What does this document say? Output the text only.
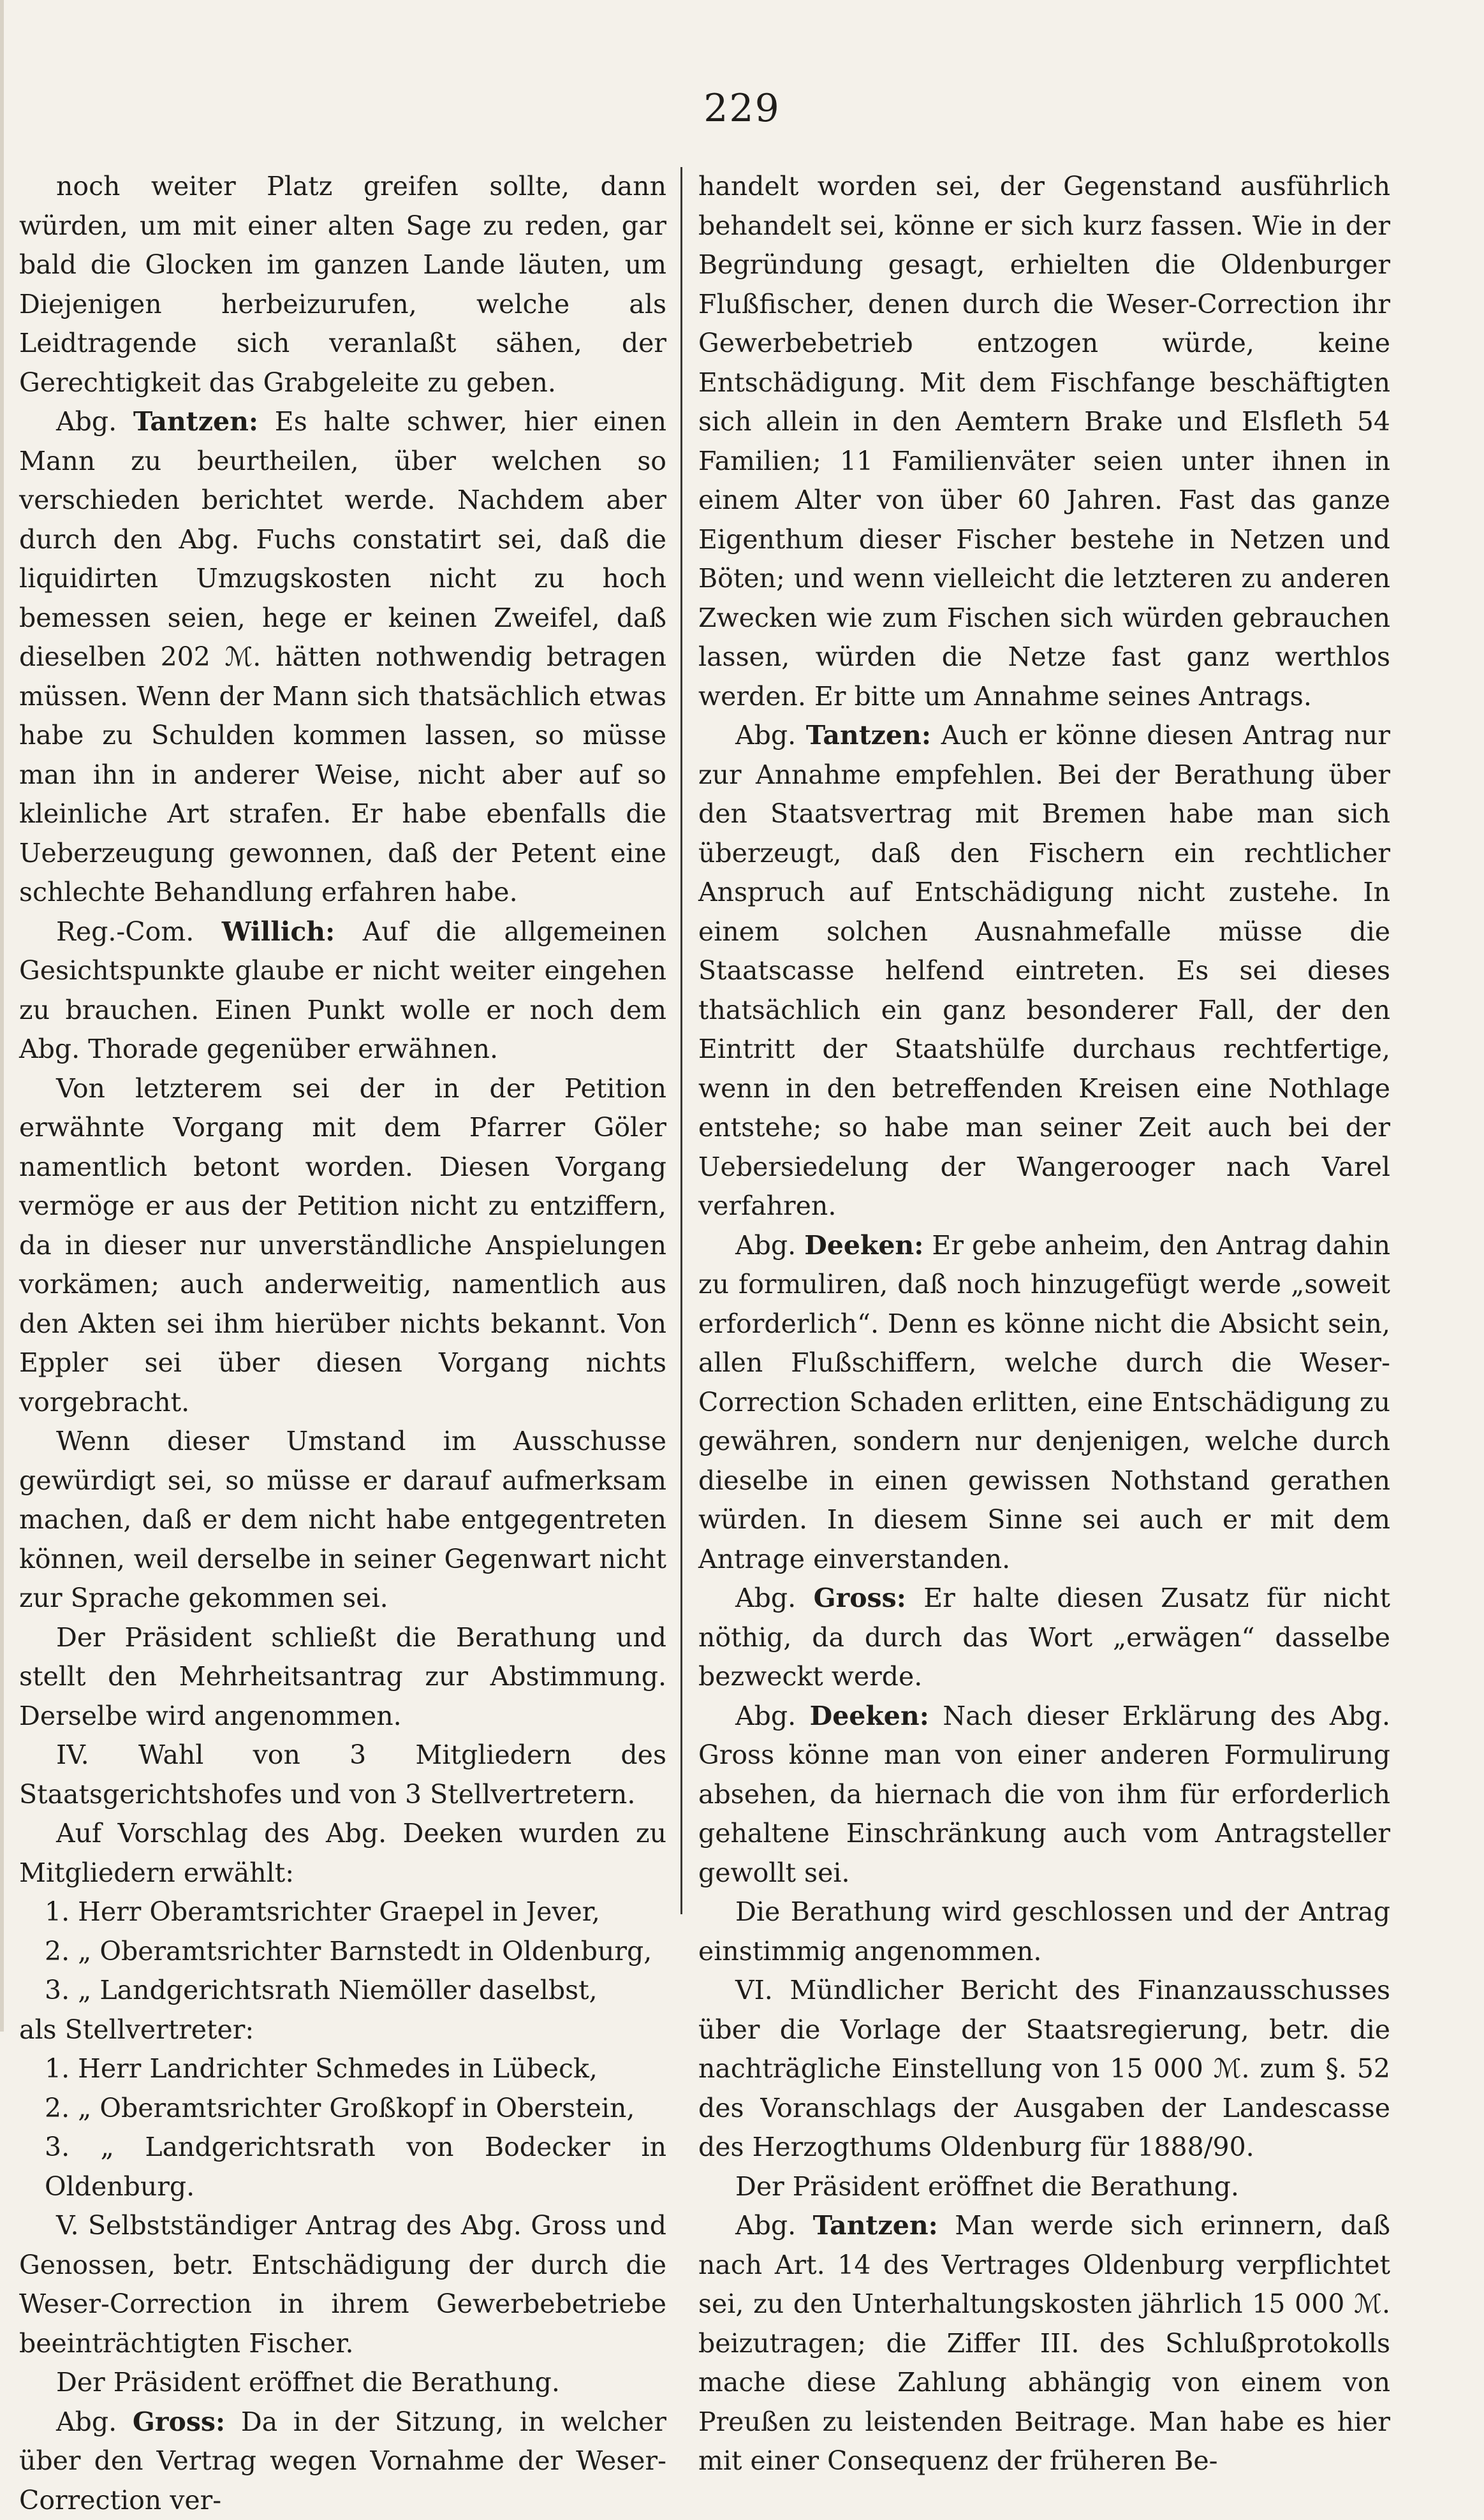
229

noch weiter Platz greifen sollte, dann würden, um mit einer alten Sage zu reden, gar bald die Glocken im ganzen Lande läuten, um Diejenigen herbeizurufen, welche als Leidtragende sich veranlaßt sähen, der Gerechtigkeit das Grabgeleite zu geben.

Abg. Tantzen: Es halte schwer, hier einen Mann zu beurtheilen, über welchen so verschieden berichtet werde. Nachdem aber durch den Abg. Fuchs constatirt sei, daß die liquidirten Umzugskosten nicht zu hoch bemessen seien, hege er keinen Zweifel, daß dieselben 202 ℳ. hätten nothwendig betragen müssen. Wenn der Mann sich thatsächlich etwas habe zu Schulden kommen lassen, so müsse man ihn in anderer Weise, nicht aber auf so kleinliche Art strafen. Er habe ebenfalls die Ueberzeugung gewonnen, daß der Petent eine schlechte Behandlung erfahren habe.

Reg.-Com. Willich: Auf die allgemeinen Gesichtspunkte glaube er nicht weiter eingehen zu brauchen. Einen Punkt wolle er noch dem Abg. Thorade gegenüber erwähnen.

Von letzterem sei der in der Petition erwähnte Vorgang mit dem Pfarrer Göler namentlich betont worden. Diesen Vorgang vermöge er aus der Petition nicht zu entziffern, da in dieser nur unverständliche Anspielungen vorkämen; auch anderweitig, namentlich aus den Akten sei ihm hierüber nichts bekannt. Von Eppler sei über diesen Vorgang nichts vorgebracht.

Wenn dieser Umstand im Ausschusse gewürdigt sei, so müsse er darauf aufmerksam machen, daß er dem nicht habe entgegentreten können, weil derselbe in seiner Gegenwart nicht zur Sprache gekommen sei.

Der Präsident schließt die Berathung und stellt den Mehrheitsantrag zur Abstimmung. Derselbe wird angenommen.

IV. Wahl von 3 Mitgliedern des Staatsgerichtshofes und von 3 Stellvertretern.

Auf Vorschlag des Abg. Deeken wurden zu Mitgliedern erwählt:

1. Herr Oberamtsrichter Graepel in Jever,

2. „ Oberamtsrichter Barnstedt in Oldenburg,

3. „ Landgerichtsrath Niemöller daselbst,

als Stellvertreter:

1. Herr Landrichter Schmedes in Lübeck,

2. „ Oberamtsrichter Großkopf in Oberstein,

3. „ Landgerichtsrath von Bodecker in Oldenburg.

V. Selbstständiger Antrag des Abg. Gross und Genossen, betr. Entschädigung der durch die Weser-Correction in ihrem Gewerbebetriebe beeinträchtigten Fischer.

Der Präsident eröffnet die Berathung.

Abg. Gross: Da in der Sitzung, in welcher über den Vertrag wegen Vornahme der Weser-Correction ver-

handelt worden sei, der Gegenstand ausführlich behandelt sei, könne er sich kurz fassen. Wie in der Begründung gesagt, erhielten die Oldenburger Flußfischer, denen durch die Weser-Correction ihr Gewerbebetrieb entzogen würde, keine Entschädigung. Mit dem Fischfange beschäftigten sich allein in den Aemtern Brake und Elsfleth 54 Familien; 11 Familienväter seien unter ihnen in einem Alter von über 60 Jahren. Fast das ganze Eigenthum dieser Fischer bestehe in Netzen und Böten; und wenn vielleicht die letzteren zu anderen Zwecken wie zum Fischen sich würden gebrauchen lassen, würden die Netze fast ganz werthlos werden. Er bitte um Annahme seines Antrags.

Abg. Tantzen: Auch er könne diesen Antrag nur zur Annahme empfehlen. Bei der Berathung über den Staatsvertrag mit Bremen habe man sich überzeugt, daß den Fischern ein rechtlicher Anspruch auf Entschädigung nicht zustehe. In einem solchen Ausnahmefalle müsse die Staatscasse helfend eintreten. Es sei dieses thatsächlich ein ganz besonderer Fall, der den Eintritt der Staatshülfe durchaus rechtfertige, wenn in den betreffenden Kreisen eine Nothlage entstehe; so habe man seiner Zeit auch bei der Uebersiedelung der Wangerooger nach Varel verfahren.

Abg. Deeken: Er gebe anheim, den Antrag dahin zu formuliren, daß noch hinzugefügt werde „soweit erforderlich“. Denn es könne nicht die Absicht sein, allen Flußschiffern, welche durch die Weser-Correction Schaden erlitten, eine Entschädigung zu gewähren, sondern nur denjenigen, welche durch dieselbe in einen gewissen Nothstand gerathen würden. In diesem Sinne sei auch er mit dem Antrage einverstanden.

Abg. Gross: Er halte diesen Zusatz für nicht nöthig, da durch das Wort „erwägen“ dasselbe bezweckt werde.

Abg. Deeken: Nach dieser Erklärung des Abg. Gross könne man von einer anderen Formulirung absehen, da hiernach die von ihm für erforderlich gehaltene Einschränkung auch vom Antragsteller gewollt sei.

Die Berathung wird geschlossen und der Antrag einstimmig angenommen.

VI. Mündlicher Bericht des Finanzausschusses über die Vorlage der Staatsregierung, betr. die nachträgliche Einstellung von 15 000 ℳ. zum §. 52 des Voranschlags der Ausgaben der Landescasse des Herzogthums Oldenburg für 1888/90.

Der Präsident eröffnet die Berathung.

Abg. Tantzen: Man werde sich erinnern, daß nach Art. 14 des Vertrages Oldenburg verpflichtet sei, zu den Unterhaltungskosten jährlich 15 000 ℳ. beizutragen; die Ziffer III. des Schlußprotokolls mache diese Zahlung abhängig von einem von Preußen zu leistenden Beitrage. Man habe es hier mit einer Consequenz der früheren Be-
